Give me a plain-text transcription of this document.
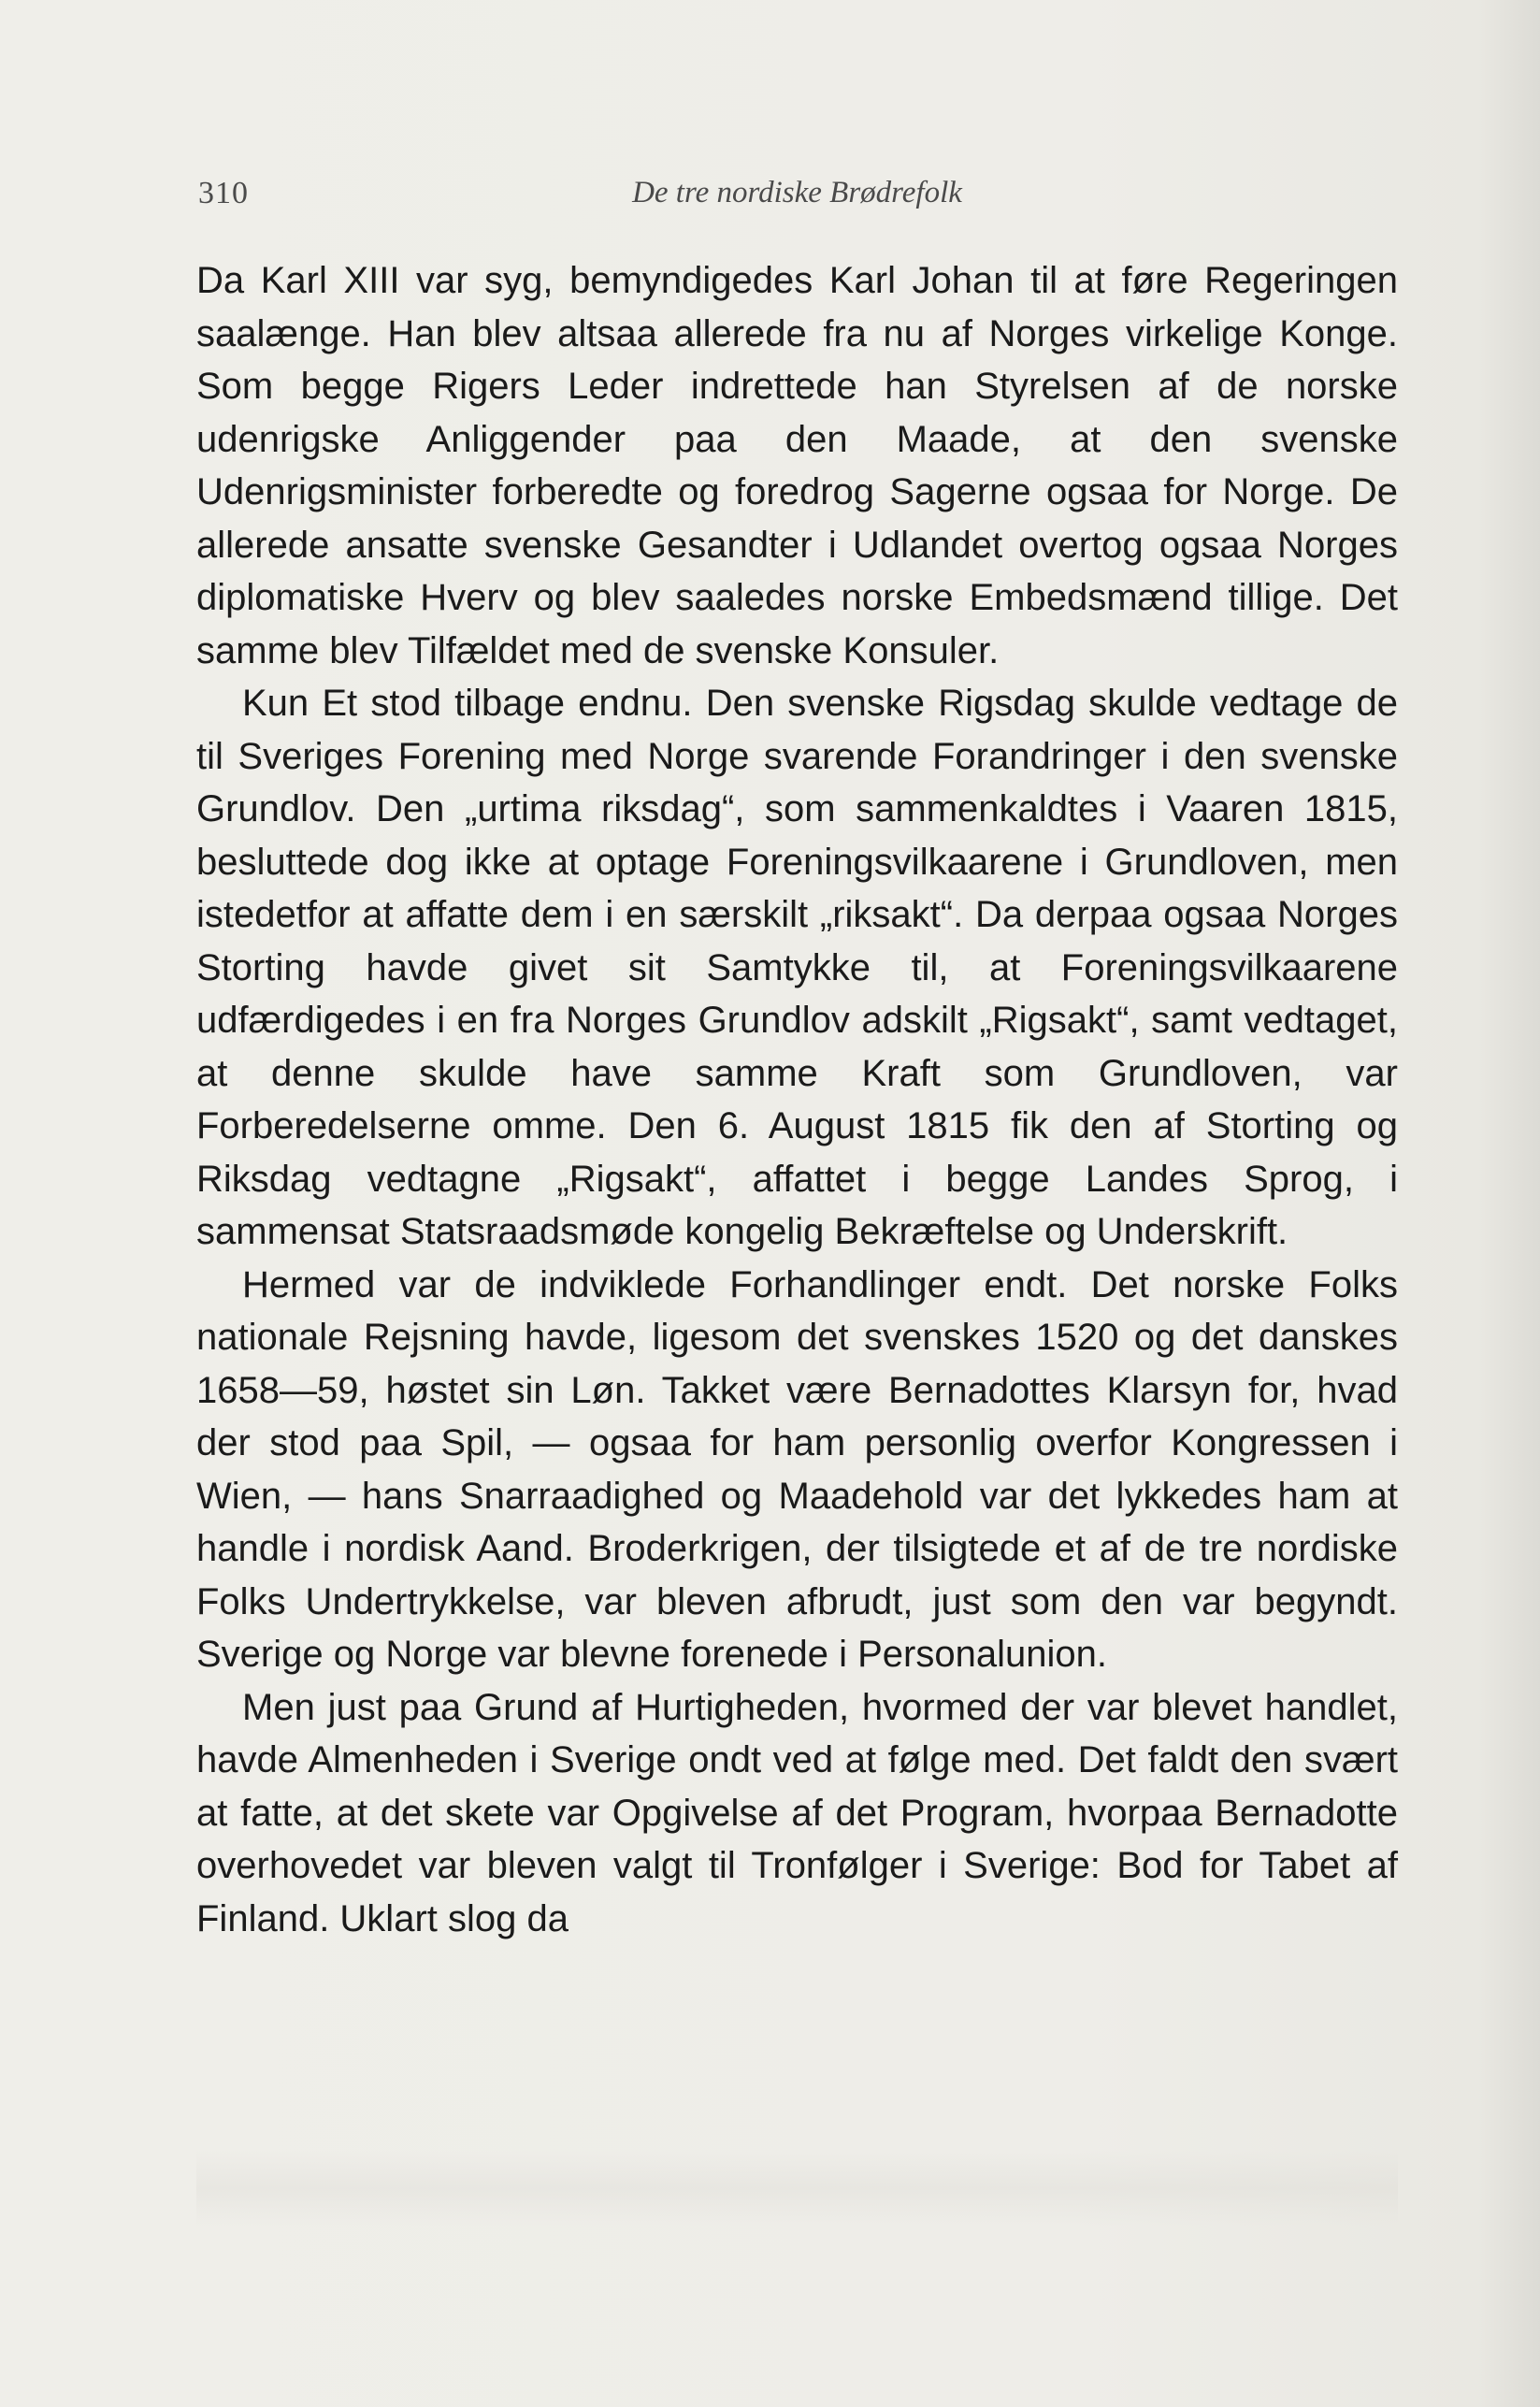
310	De tre nordiske Brødrefolk

Da Karl XIII var syg, bemyndigedes Karl Johan til at føre Regeringen saalænge. Han blev altsaa allerede fra nu af Norges virkelige Konge. Som begge Rigers Leder indrettede han Styrelsen af de norske udenrigske Anliggender paa den Maade, at den svenske Udenrigsminister forberedte og foredrog Sagerne ogsaa for Norge. De allerede ansatte svenske Gesandter i Udlandet overtog ogsaa Norges diplomatiske Hverv og blev saaledes norske Embedsmænd tillige. Det samme blev Tilfældet med de svenske Konsuler.

Kun Et stod tilbage endnu. Den svenske Rigsdag skulde vedtage de til Sveriges Forening med Norge svarende Forandringer i den svenske Grundlov. Den „urtima riksdag“, som sammenkaldtes i Vaaren 1815, besluttede dog ikke at optage Foreningsvilkaarene i Grundloven, men istedetfor at affatte dem i en særskilt „riksakt“. Da derpaa ogsaa Norges Storting havde givet sit Samtykke til, at Foreningsvilkaarene udfærdigedes i en fra Norges Grundlov adskilt „Rigsakt“, samt vedtaget, at denne skulde have samme Kraft som Grundloven, var Forberedelserne omme. Den 6. August 1815 fik den af Storting og Riksdag vedtagne „Rigsakt“, affattet i begge Landes Sprog, i sammensat Statsraadsmøde kongelig Bekræftelse og Underskrift.

Hermed var de indviklede Forhandlinger endt. Det norske Folks nationale Rejsning havde, ligesom det svenskes 1520 og det danskes 1658—59, høstet sin Løn. Takket være Bernadottes Klarsyn for, hvad der stod paa Spil, — ogsaa for ham personlig overfor Kongressen i Wien, — hans Snarraadighed og Maadehold var det lykkedes ham at handle i nordisk Aand. Broderkrigen, der tilsigtede et af de tre nordiske Folks Undertrykkelse, var bleven afbrudt, just som den var begyndt. Sverige og Norge var blevne forenede i Personalunion.

Men just paa Grund af Hurtigheden, hvormed der var blevet handlet, havde Almenheden i Sverige ondt ved at følge med. Det faldt den svært at fatte, at det skete var Opgivelse af det Program, hvorpaa Bernadotte overhovedet var bleven valgt til Tronfølger i Sverige: Bod for Tabet af Finland. Uklart slog da
